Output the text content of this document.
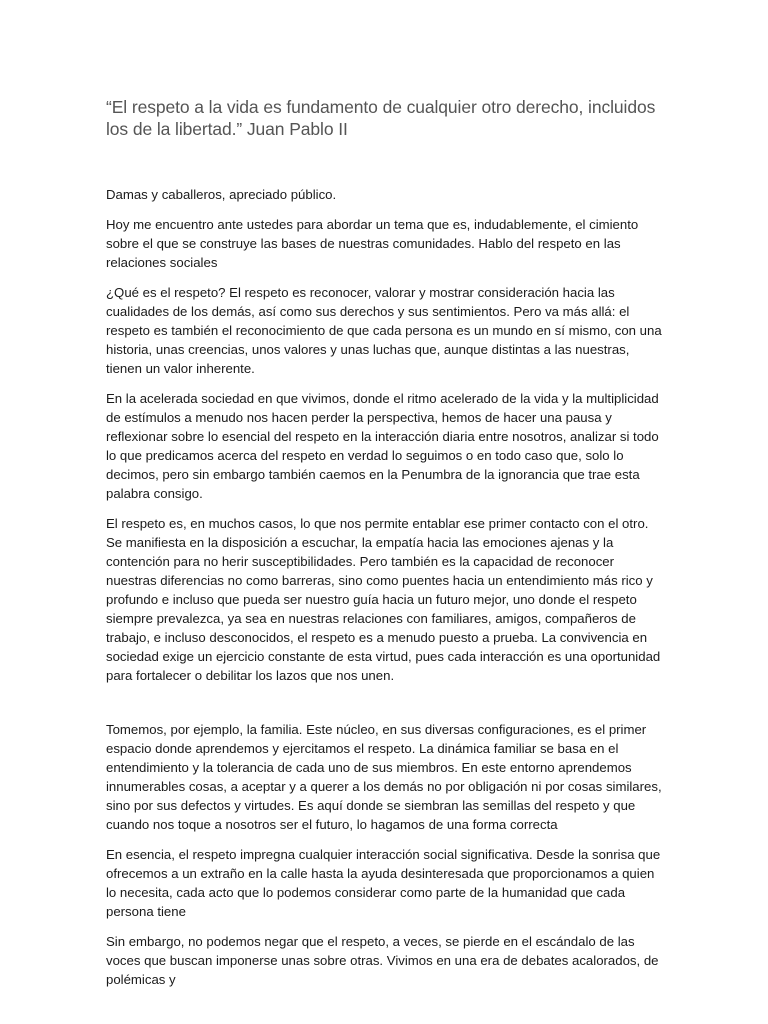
“El respeto a la vida es fundamento de cualquier otro derecho, incluidos los de la libertad.” Juan Pablo II

Damas y caballeros, apreciado público.

Hoy me encuentro ante ustedes para abordar un tema que es, indudablemente, el cimiento sobre el que se construye las bases de nuestras comunidades. Hablo del respeto en las relaciones sociales

¿Qué es el respeto? El respeto es reconocer, valorar y mostrar consideración hacia las cualidades de los demás, así como sus derechos y sus sentimientos. Pero va más allá: el respeto es también el reconocimiento de que cada persona es un mundo en sí mismo, con una historia, unas creencias, unos valores y unas luchas que, aunque distintas a las nuestras, tienen un valor inherente.

En la acelerada sociedad en que vivimos, donde el ritmo acelerado de la vida y la multiplicidad de estímulos a menudo nos hacen perder la perspectiva, hemos de hacer una pausa y reflexionar sobre lo esencial del respeto en la interacción diaria entre nosotros, analizar si todo lo que predicamos acerca del respeto en verdad lo seguimos o en todo caso que, solo lo decimos, pero sin embargo también caemos en la Penumbra de la ignorancia que trae esta palabra consigo.

El respeto es, en muchos casos, lo que nos permite entablar ese primer contacto con el otro. Se manifiesta en la disposición a escuchar, la empatía hacia las emociones ajenas y la contención para no herir susceptibilidades. Pero también es la capacidad de reconocer nuestras diferencias no como barreras, sino como puentes hacia un entendimiento más rico y profundo e incluso que pueda ser nuestro guía hacia un futuro mejor, uno donde el respeto siempre prevalezca, ya sea en nuestras relaciones con familiares, amigos, compañeros de trabajo, e incluso desconocidos, el respeto es a menudo puesto a prueba. La convivencia en sociedad exige un ejercicio constante de esta virtud, pues cada interacción es una oportunidad para fortalecer o debilitar los lazos que nos unen.

Tomemos, por ejemplo, la familia. Este núcleo, en sus diversas configuraciones, es el primer espacio donde aprendemos y ejercitamos el respeto. La dinámica familiar se basa en el entendimiento y la tolerancia de cada uno de sus miembros. En este entorno aprendemos innumerables cosas, a aceptar y a querer a los demás no por obligación ni por cosas similares, sino por sus defectos y virtudes. Es aquí donde se siembran las semillas del respeto y que cuando nos toque a nosotros ser el futuro, lo hagamos de una forma correcta

En esencia, el respeto impregna cualquier interacción social significativa. Desde la sonrisa que ofrecemos a un extraño en la calle hasta la ayuda desinteresada que proporcionamos a quien lo necesita, cada acto que lo podemos considerar como parte de la humanidad que cada persona tiene

Sin embargo, no podemos negar que el respeto, a veces, se pierde en el escándalo de las voces que buscan imponerse unas sobre otras. Vivimos en una era de debates acalorados, de polémicas y
